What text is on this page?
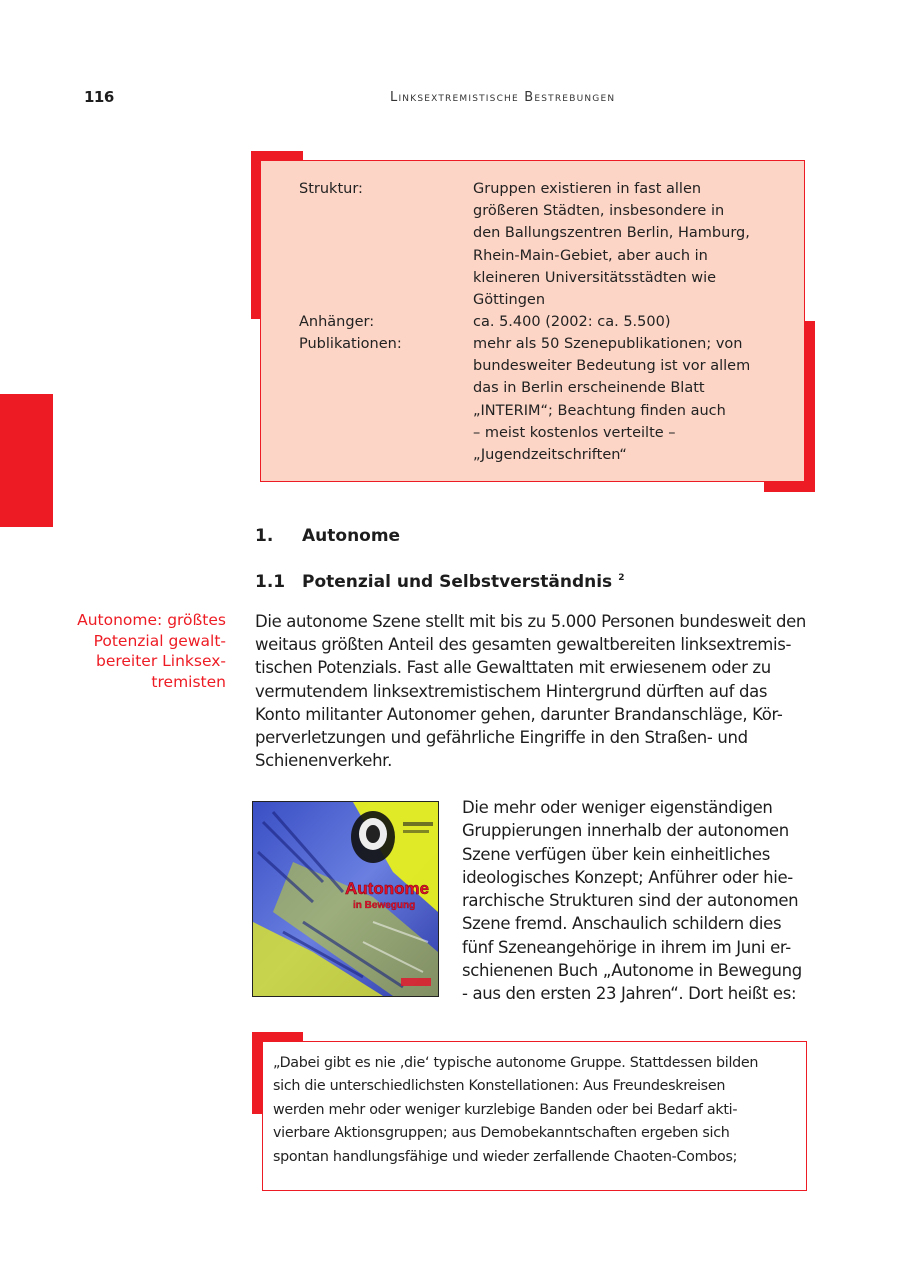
116	Linksextremistische Bestrebungen
Struktur:	Gruppen existieren in fast allen
größeren Städten, insbesondere in
den Ballungszentren Berlin, Hamburg,
Rhein-Main-Gebiet, aber auch in
kleineren Universitätsstädten wie
Göttingen
Anhänger:	ca. 5.400 (2002: ca. 5.500)
Publikationen:	mehr als 50 Szenepublikationen; von
bundesweiter Bedeutung ist vor allem
das in Berlin erscheinende Blatt
„INTERIM“; Beachtung finden auch
– meist kostenlos verteilte –
„Jugendzeitschriften“
1. Autonome
1.1 Potenzial und Selbstverständnis $^2$
Autonome: größtes
Potenzial gewalt-
bereiter Linksex-
tremisten
Die autonome Szene stellt mit bis zu 5.000 Personen bundesweit den
weitaus größten Anteil des gesamten gewaltbereiten linksextremis-
tischen Potenzials. Fast alle Gewalttaten mit erwiesenem oder zu
vermutendem linksextremistischem Hintergrund dürften auf das
Konto militanter Autonomer gehen, darunter Brandanschläge, Kör-
perverletzungen und gefährliche Eingriffe in den Straßen- und
Schienenverkehr.
Autonome
in Bewegung
Die mehr oder weniger eigenständigen
Gruppierungen innerhalb der autonomen
Szene verfügen über kein einheitliches
ideologisches Konzept; Anführer oder hie-
rarchische Strukturen sind der autonomen
Szene fremd. Anschaulich schildern dies
fünf Szeneangehörige in ihrem im Juni er-
schienenen Buch „Autonome in Bewegung
- aus den ersten 23 Jahren“. Dort heißt es:
„Dabei gibt es nie ‚die‘ typische autonome Gruppe. Stattdessen bilden
sich die unterschiedlichsten Konstellationen: Aus Freundeskreisen
werden mehr oder weniger kurzlebige Banden oder bei Bedarf akti-
vierbare Aktionsgruppen; aus Demobekanntschaften ergeben sich
spontan handlungsfähige und wieder zerfallende Chaoten-Combos;
